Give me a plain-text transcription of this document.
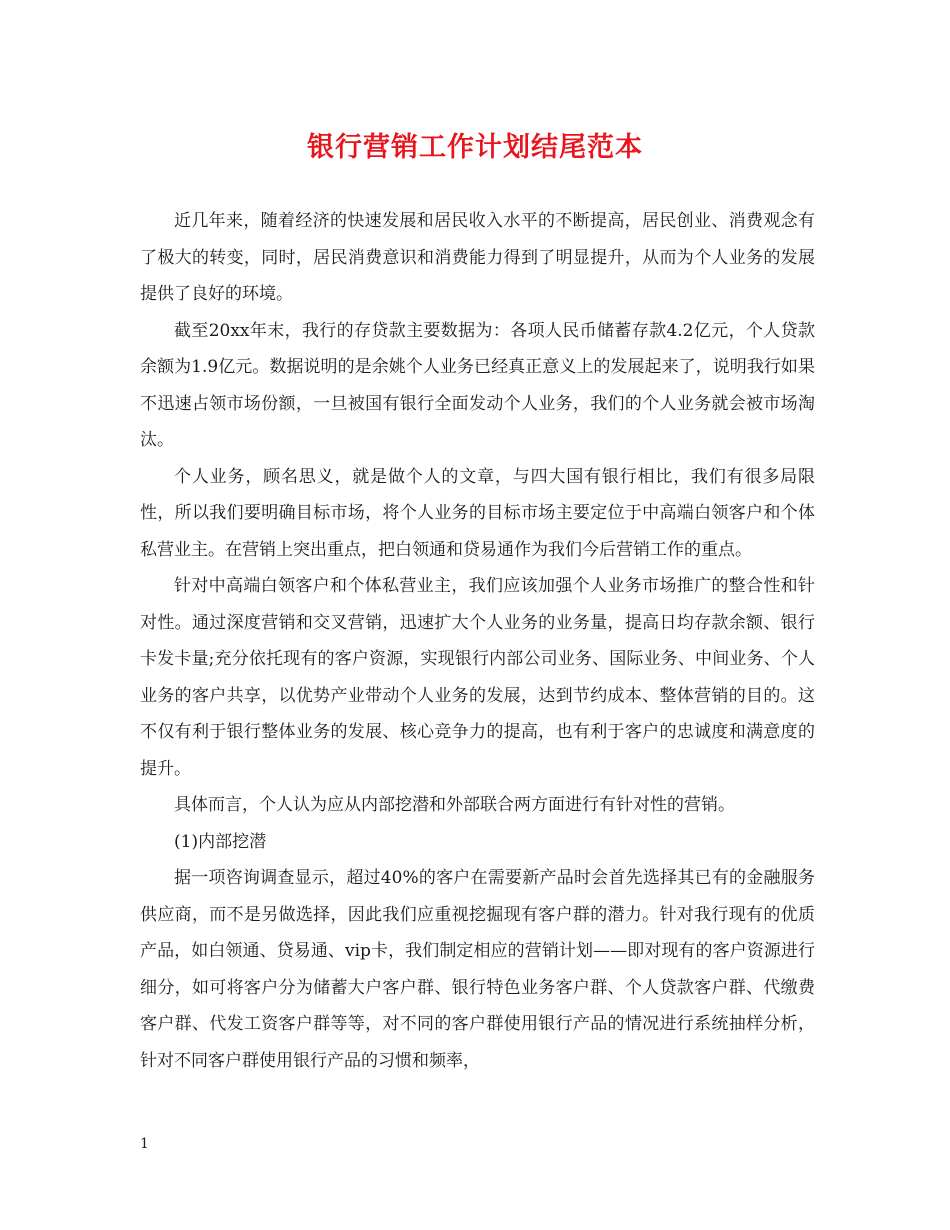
银行营销工作计划结尾范本

近几年来，随着经济的快速发展和居民收入水平的不断提高，居民创业、消费观念有了极大的转变，同时，居民消费意识和消费能力得到了明显提升，从而为个人业务的发展提供了良好的环境。

截至20xx年末，我行的存贷款主要数据为：各项人民币储蓄存款4.2亿元，个人贷款余额为1.9亿元。数据说明的是余姚个人业务已经真正意义上的发展起来了，说明我行如果不迅速占领市场份额，一旦被国有银行全面发动个人业务，我们的个人业务就会被市场淘汰。

个人业务，顾名思义，就是做个人的文章，与四大国有银行相比，我们有很多局限性，所以我们要明确目标市场，将个人业务的目标市场主要定位于中高端白领客户和个体私营业主。在营销上突出重点，把白领通和贷易通作为我们今后营销工作的重点。

针对中高端白领客户和个体私营业主，我们应该加强个人业务市场推广的整合性和针对性。通过深度营销和交叉营销，迅速扩大个人业务的业务量，提高日均存款余额、银行卡发卡量;充分依托现有的客户资源，实现银行内部公司业务、国际业务、中间业务、个人业务的客户共享，以优势产业带动个人业务的发展，达到节约成本、整体营销的目的。这不仅有利于银行整体业务的发展、核心竞争力的提高，也有利于客户的忠诚度和满意度的提升。

具体而言，个人认为应从内部挖潜和外部联合两方面进行有针对性的营销。

(1)内部挖潜

据一项咨询调查显示，超过40%的客户在需要新产品时会首先选择其已有的金融服务供应商，而不是另做选择，因此我们应重视挖掘现有客户群的潜力。针对我行现有的优质产品，如白领通、贷易通、vip卡，我们制定相应的营销计划——即对现有的客户资源进行细分，如可将客户分为储蓄大户客户群、银行特色业务客户群、个人贷款客户群、代缴费客户群、代发工资客户群等等，对不同的客户群使用银行产品的情况进行系统抽样分析，针对不同客户群使用银行产品的习惯和频率，

1
